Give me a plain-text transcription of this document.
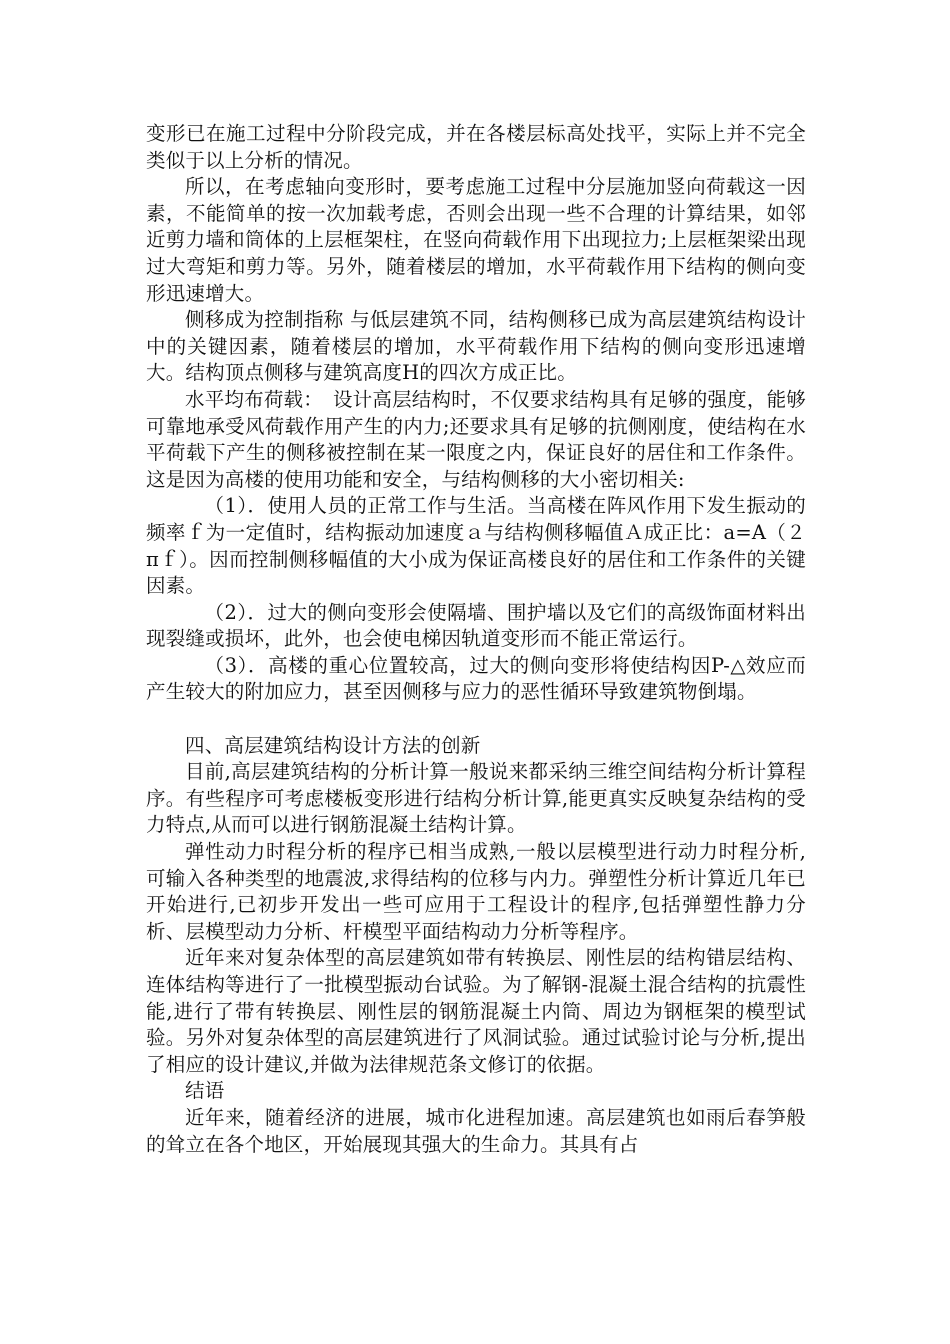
变形已在施工过程中分阶段完成，并在各楼层标高处找平，实际上并不完全类似于以上分析的情况。

所以，在考虑轴向变形时，要考虑施工过程中分层施加竖向荷载这一因素，不能简单的按一次加载考虑，否则会出现一些不合理的计算结果，如邻近剪力墙和筒体的上层框架柱，在竖向荷载作用下出现拉力;上层框架梁出现过大弯矩和剪力等。另外，随着楼层的增加，水平荷载作用下结构的侧向变形迅速增大。

侧移成为控制指称 与低层建筑不同，结构侧移已成为高层建筑结构设计中的关键因素，随着楼层的增加，水平荷载作用下结构的侧向变形迅速增大。结构顶点侧移与建筑高度H的四次方成正比。

水平均布荷载：　设计高层结构时，不仅要求结构具有足够的强度，能够可靠地承受风荷载作用产生的内力;还要求具有足够的抗侧刚度，使结构在水平荷载下产生的侧移被控制在某一限度之内，保证良好的居住和工作条件。这是因为高楼的使用功能和安全，与结构侧移的大小密切相关:

（1）．使用人员的正常工作与生活。当高楼在阵风作用下发生振动的频率ｆ为一定值时，结构振动加速度ａ与结构侧移幅值Ａ成正比：a=A（２πｆ）。因而控制侧移幅值的大小成为保证高楼良好的居住和工作条件的关键因素。

（2）．过大的侧向变形会使隔墙、围护墙以及它们的高级饰面材料出现裂缝或损坏，此外，也会使电梯因轨道变形而不能正常运行。

（3）．高楼的重心位置较高，过大的侧向变形将使结构因P-△效应而产生较大的附加应力，甚至因侧移与应力的恶性循环导致建筑物倒塌。

四、高层建筑结构设计方法的创新

目前,高层建筑结构的分析计算一般说来都采纳三维空间结构分析计算程序。有些程序可考虑楼板变形进行结构分析计算,能更真实反映复杂结构的受力特点,从而可以进行钢筋混凝土结构计算。

弹性动力时程分析的程序已相当成熟,一般以层模型进行动力时程分析,可输入各种类型的地震波,求得结构的位移与内力。弹塑性分析计算近几年已开始进行,已初步开发出一些可应用于工程设计的程序,包括弹塑性静力分析、层模型动力分析、杆模型平面结构动力分析等程序。

近年来对复杂体型的高层建筑如带有转换层、刚性层的结构错层结构、连体结构等进行了一批模型振动台试验。为了解钢-混凝土混合结构的抗震性能,进行了带有转换层、刚性层的钢筋混凝土内筒、周边为钢框架的模型试验。另外对复杂体型的高层建筑进行了风洞试验。通过试验讨论与分析,提出了相应的设计建议,并做为法律规范条文修订的依据。

结语

近年来，随着经济的进展，城市化进程加速。高层建筑也如雨后春笋般的耸立在各个地区，开始展现其强大的生命力。其具有占
